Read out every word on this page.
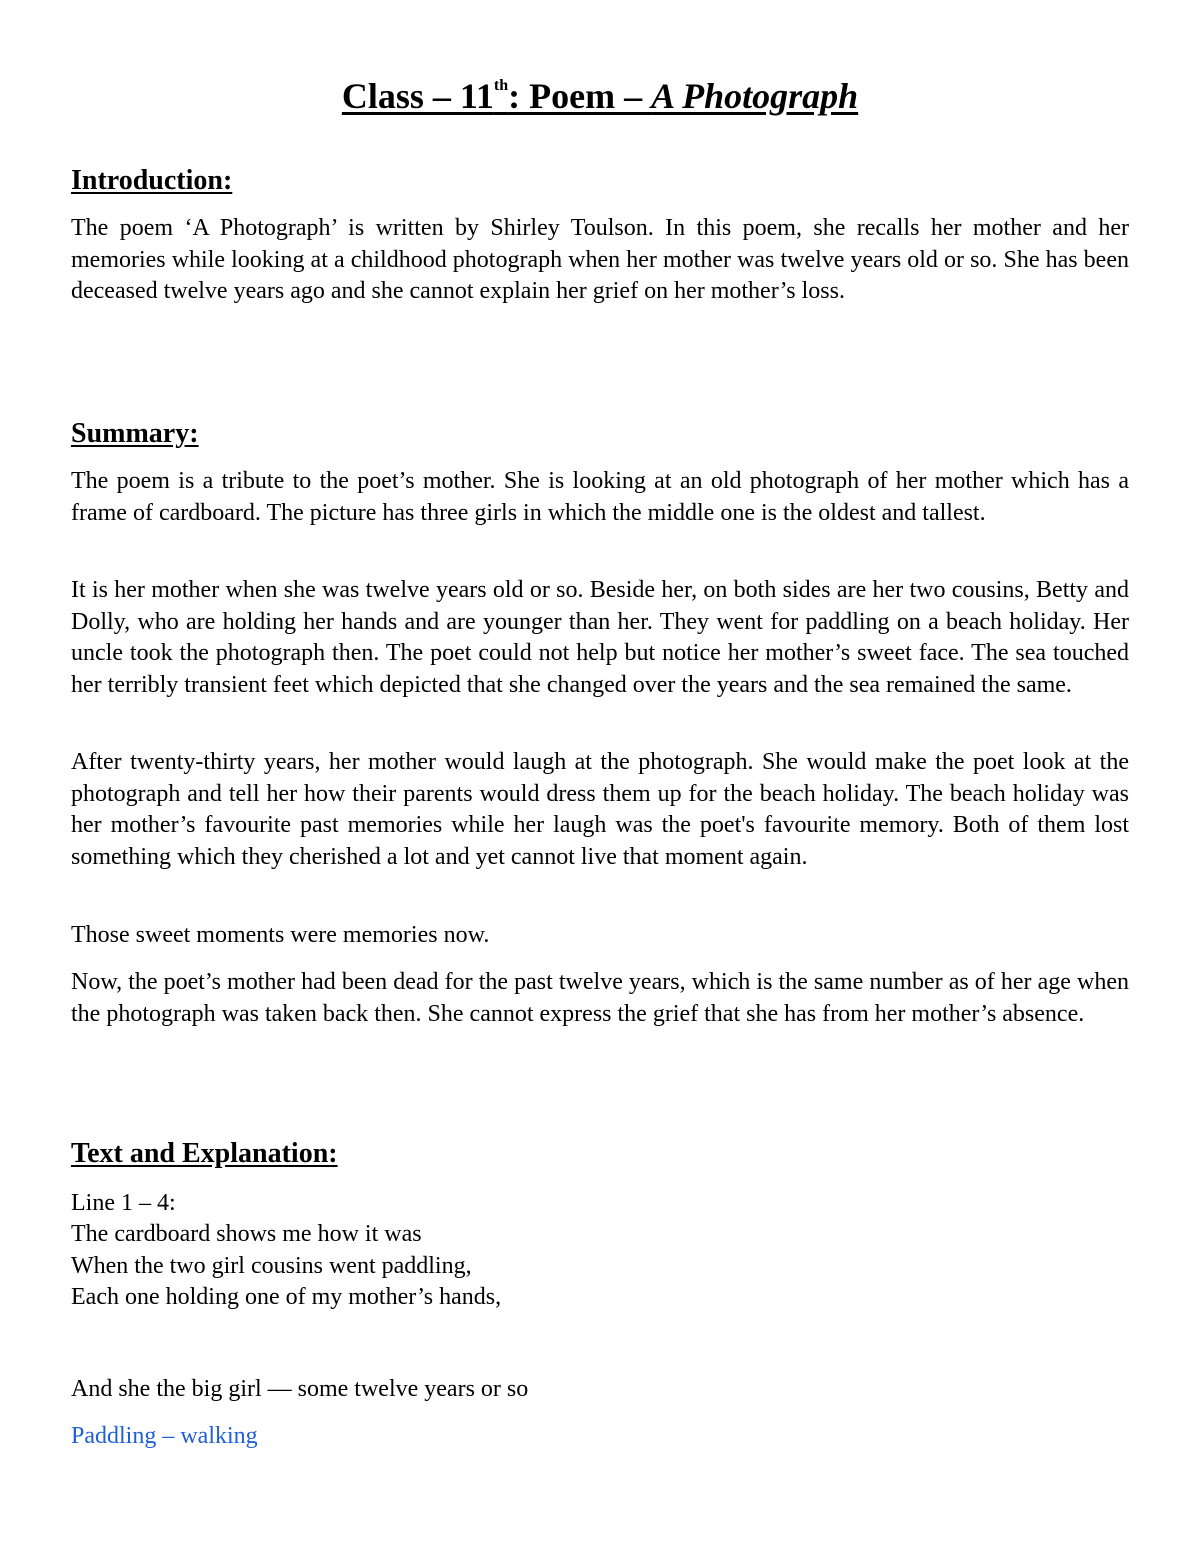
Class – 11th: Poem – A Photograph
Introduction:
The poem ‘A Photograph’ is written by Shirley Toulson. In this poem, she recalls her mother and her memories while looking at a childhood photograph when her mother was twelve years old or so. She has been deceased twelve years ago and she cannot explain her grief on her mother’s loss.
Summary:
The poem is a tribute to the poet’s mother. She is looking at an old photograph of her mother which has a frame of cardboard. The picture has three girls in which the middle one is the oldest and tallest.
It is her mother when she was twelve years old or so. Beside her, on both sides are her two cousins, Betty and Dolly, who are holding her hands and are younger than her. They went for paddling on a beach holiday. Her uncle took the photograph then. The poet could not help but notice her mother’s sweet face. The sea touched her terribly transient feet which depicted that she changed over the years and the sea remained the same.
After twenty-thirty years, her mother would laugh at the photograph. She would make the poet look at the photograph and tell her how their parents would dress them up for the beach holiday. The beach holiday was her mother’s favourite past memories while her laugh was the poet's favourite memory. Both of them lost something which they cherished a lot and yet cannot live that moment again.
Those sweet moments were memories now.
Now, the poet’s mother had been dead for the past twelve years, which is the same number as of her age when the photograph was taken back then. She cannot express the grief that she has from her mother’s absence.
Text and Explanation:
Line 1 – 4:
The cardboard shows me how it was
When the two girl cousins went paddling,
Each one holding one of my mother’s hands,
And she the big girl — some twelve years or so
Paddling – walking
